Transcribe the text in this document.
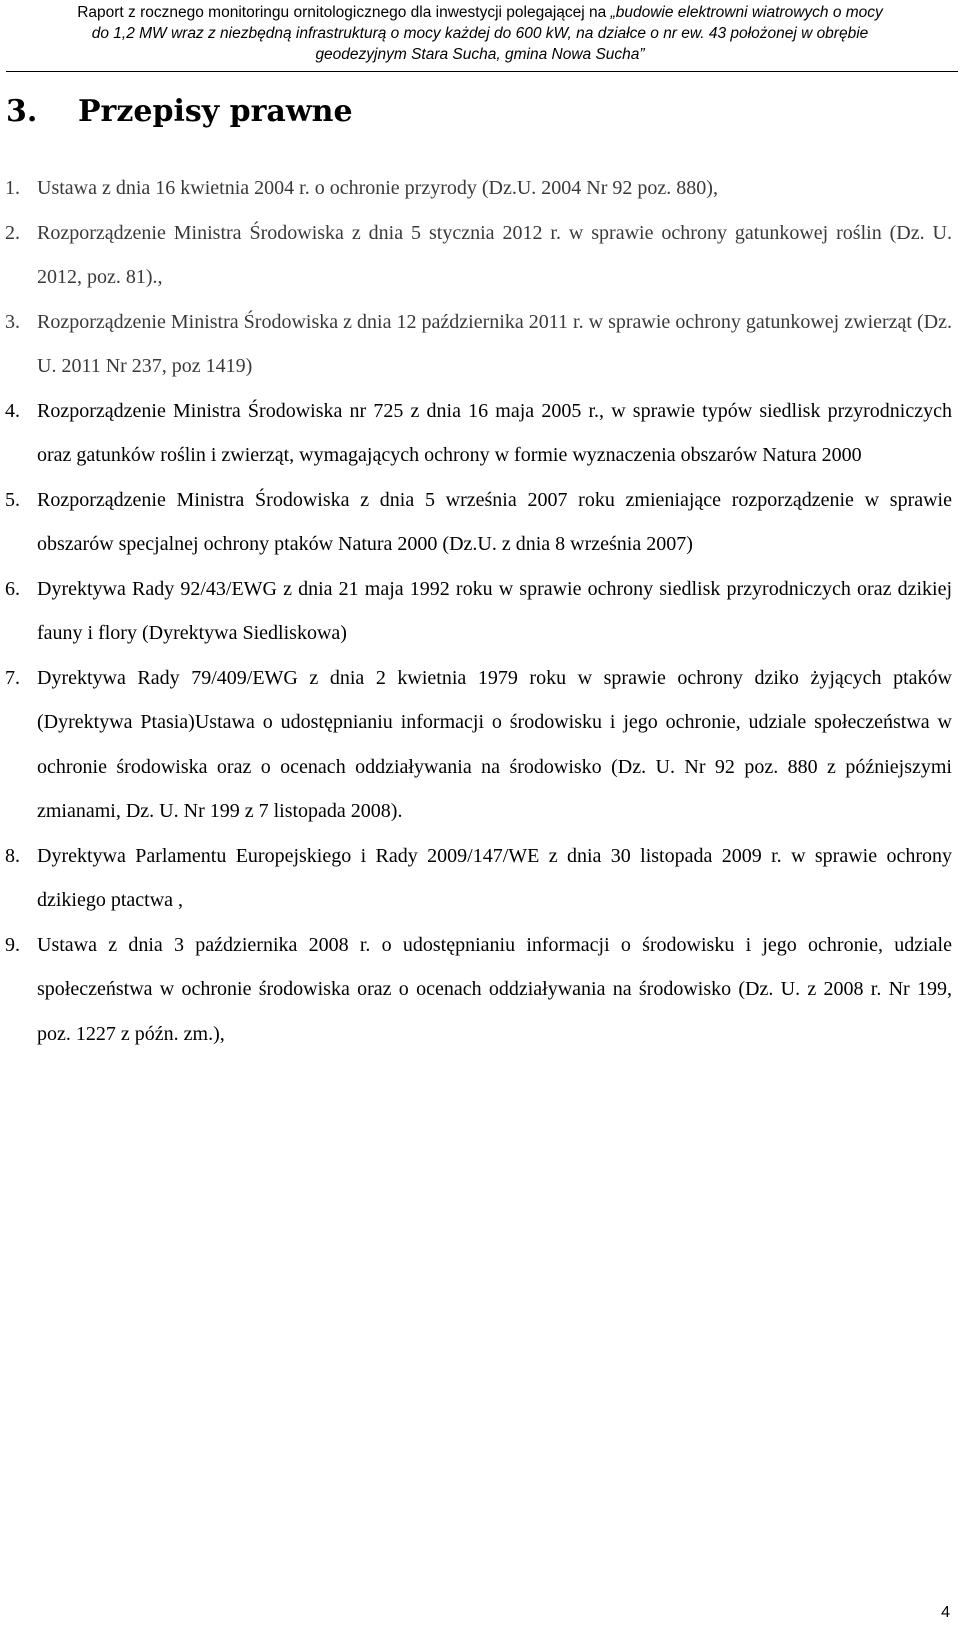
Raport z rocznego monitoringu ornitologicznego dla inwestycji polegającej na „budowie elektrowni wiatrowych o mocy
do 1,2 MW wraz z niezbędną infrastrukturą o mocy każdej do 600 kW, na działce o nr ew. 43 położonej w obrębie
geodezyjnym Stara Sucha, gmina Nowa Sucha”
3. Przepisy prawne
1. Ustawa z dnia 16 kwietnia 2004 r. o ochronie przyrody (Dz.U. 2004 Nr 92 poz. 880),
2. Rozporządzenie Ministra Środowiska z dnia 5 stycznia 2012 r. w sprawie ochrony gatunkowej roślin (Dz. U. 2012, poz. 81).,
3. Rozporządzenie Ministra Środowiska z dnia 12 października 2011 r. w sprawie ochrony gatunkowej zwierząt (Dz. U. 2011 Nr 237, poz 1419)
4. Rozporządzenie Ministra Środowiska nr 725 z dnia 16 maja 2005 r., w sprawie typów siedlisk przyrodniczych oraz gatunków roślin i zwierząt, wymagających ochrony w formie wyznaczenia obszarów Natura 2000
5. Rozporządzenie Ministra Środowiska z dnia 5 września 2007 roku zmieniające rozporządzenie w sprawie obszarów specjalnej ochrony ptaków Natura 2000 (Dz.U. z dnia 8 września 2007)
6. Dyrektywa Rady 92/43/EWG z dnia 21 maja 1992 roku w sprawie ochrony siedlisk przyrodniczych oraz dzikiej fauny i flory (Dyrektywa Siedliskowa)
7. Dyrektywa Rady 79/409/EWG z dnia 2 kwietnia 1979 roku w sprawie ochrony dziko żyjących ptaków (Dyrektywa Ptasia)Ustawa o udostępnianiu informacji o środowisku i jego ochronie, udziale społeczeństwa w ochronie środowiska oraz o ocenach oddziaływania na środowisko (Dz. U. Nr 92 poz. 880 z późniejszymi zmianami, Dz. U. Nr 199 z 7 listopada 2008).
8. Dyrektywa Parlamentu Europejskiego i Rady 2009/147/WE z dnia 30 listopada 2009 r. w sprawie ochrony dzikiego ptactwa ,
9. Ustawa z dnia 3 października 2008 r. o udostępnianiu informacji o środowisku i jego ochronie, udziale społeczeństwa w ochronie środowiska oraz o ocenach oddziaływania na środowisko (Dz. U. z 2008 r. Nr 199, poz. 1227 z późn. zm.),
4
